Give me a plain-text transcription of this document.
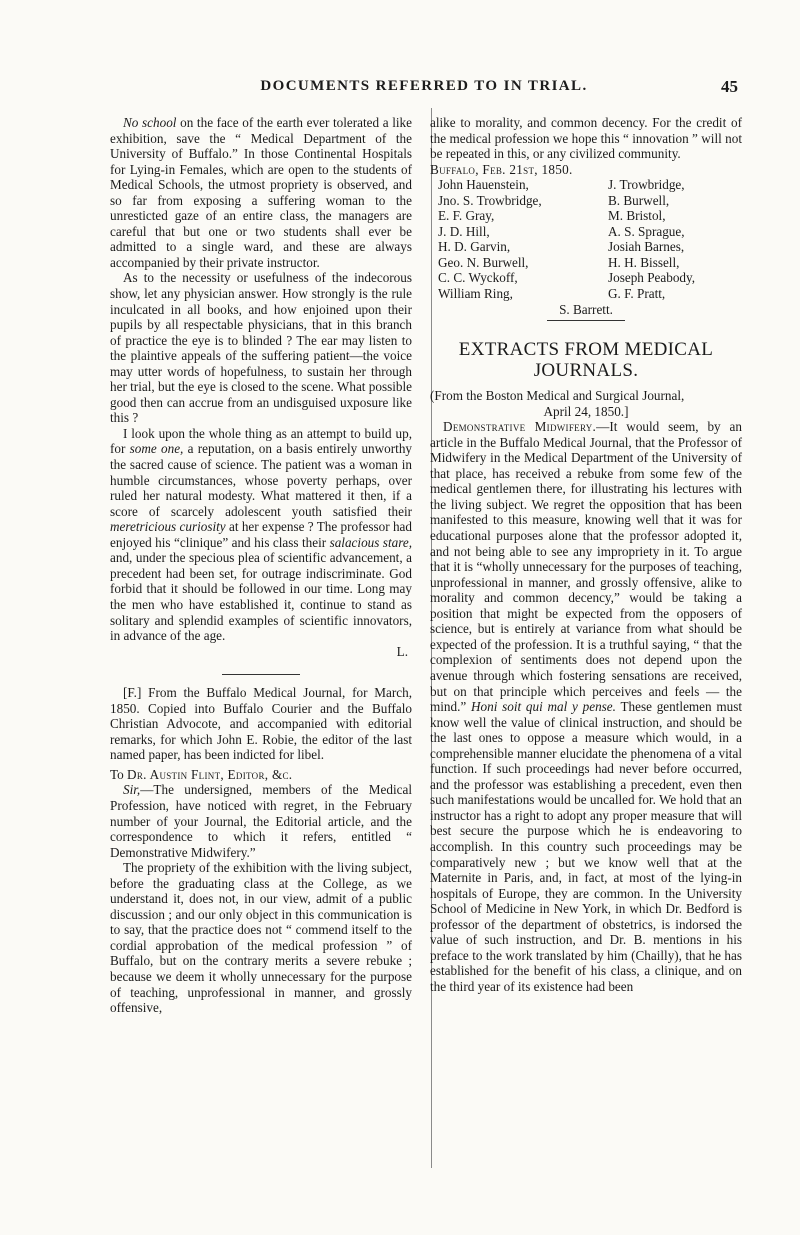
DOCUMENTS REFERRED TO IN TRIAL.	45

No school on the face of the earth ever tolerated a like exhibition, save the “ Medical Department of the University of Buffalo.” In those Continental Hospitals for Lying-in Females, which are open to the students of Medical Schools, the utmost propriety is observed, and so far from exposing a suffering woman to the unresticted gaze of an entire class, the managers are careful that but one or two students shall ever be admitted to a single ward, and these are always accompanied by their private instructor.

As to the necessity or usefulness of the indecorous show, let any physician answer. How strongly is the rule inculcated in all books, and how enjoined upon their pupils by all respectable physicians, that in this branch of practice the eye is to blinded ? The ear may listen to the plaintive appeals of the suffering patient—the voice may utter words of hopefulness, to sustain her through her trial, but the eye is closed to the scene. What possible good then can accrue from an undisguised uxposure like this ?

I look upon the whole thing as an attempt to build up, for some one, a reputation, on a basis entirely unworthy the sacred cause of science. The patient was a woman in humble circumstances, whose poverty perhaps, over ruled her natural modesty. What mattered it then, if a score of scarcely adolescent youth satisfied their meretricious curiosity at her expense ? The professor had enjoyed his “clinique” and his class their salacious stare, and, under the specious plea of scientific advancement, a precedent had been set, for outrage indiscriminate. God forbid that it should be followed in our time. Long may the men who have established it, continue to stand as solitary and splendid examples of scientific innovators, in advance of the age.

L.

[F.] From the Buffalo Medical Journal, for March, 1850. Copied into Buffalo Courier and the Buffalo Christian Advocote, and accompanied with editorial remarks, for which John E. Robie, the editor of the last named paper, has been indicted for libel.

To Dr. Austin Flint, Editor, &c.

Sir,—The undersigned, members of the Medical Profession, have noticed with regret, in the February number of your Journal, the Editorial article, and the correspondence to which it refers, entitled “ Demonstrative Midwifery.”

The propriety of the exhibition with the living subject, before the graduating class at the College, as we understand it, does not, in our view, admit of a public discussion ; and our only object in this communication is to say, that the practice does not “ commend itself to the cordial approbation of the medical profession ” of Buffalo, but on the contrary merits a severe rebuke ; because we deem it wholly unnecessary for the purpose of teaching, unprofessional in manner, and grossly offensive,

alike to morality, and common decency. For the credit of the medical profession we hope this “ innovation ” will not be repeated in this, or any civilized community.

Buffalo, Feb. 21st, 1850.

John Hauenstein,	J. Trowbridge,
Jno. S. Trowbridge,	B. Burwell,
E. F. Gray,	M. Bristol,
J. D. Hill,	A. S. Sprague,
H. D. Garvin,	Josiah Barnes,
Geo. N. Burwell,	H. H. Bissell,
C. C. Wyckoff,	Joseph Peabody,
William Ring,	G. F. Pratt,

S. Barrett.

EXTRACTS FROM MEDICAL JOURNALS.

(From the Boston Medical and Surgical Journal,
April 24, 1850.]

Demonstrative Midwifery.—It would seem, by an article in the Buffalo Medical Journal, that the Professor of Midwifery in the Medical Department of the University of that place, has received a rebuke from some few of the medical gentlemen there, for illustrating his lectures with the living subject. We regret the opposition that has been manifested to this measure, knowing well that it was for educational purposes alone that the professor adopted it, and not being able to see any impropriety in it. To argue that it is “wholly unnecessary for the purposes of teaching, unprofessional in manner, and grossly offensive, alike to morality and common decency,” would be taking a position that might be expected from the opposers of science, but is entirely at variance from what should be expected of the profession. It is a truthful saying, “ that the complexion of sentiments does not depend upon the avenue through which fostering sensations are received, but on that principle which perceives and feels — the mind.” Honi soit qui mal y pense. These gentlemen must know well the value of clinical instruction, and should be the last ones to oppose a measure which would, in a comprehensible manner elucidate the phenomena of a vital function. If such proceedings had never before occurred, and the professor was establishing a precedent, even then such manifestations would be uncalled for. We hold that an instructor has a right to adopt any proper measure that will best secure the purpose which he is endeavoring to accomplish. In this country such proceedings may be comparatively new ; but we know well that at the Maternite in Paris, and, in fact, at most of the lying-in hospitals of Europe, they are common. In the University School of Medicine in New York, in which Dr. Bedford is professor of the department of obstetrics, is indorsed the value of such instruction, and Dr. B. mentions in his preface to the work translated by him (Chailly), that he has established for the benefit of his class, a clinique, and on the third year of its existence had been
